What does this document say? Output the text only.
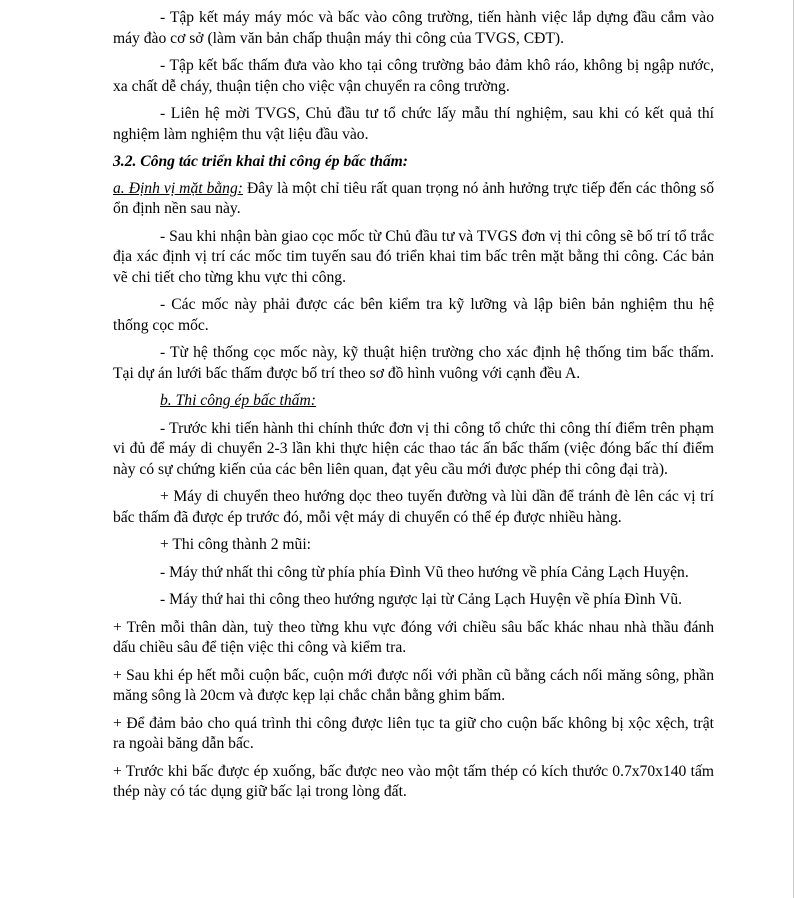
- Tập kết máy máy móc và bấc vào công trường, tiến hành việc lắp dựng đầu cắm vào máy đào cơ sở (làm văn bản chấp thuận máy thi công của TVGS, CĐT).

- Tập kết bấc thấm đưa vào kho tại công trường bảo đảm khô ráo, không bị ngập nước, xa chất dễ cháy, thuận tiện cho việc vận chuyển ra công trường.

- Liên hệ mời TVGS, Chủ đầu tư tổ chức lấy mẫu thí nghiệm, sau khi có kết quả thí nghiệm làm nghiệm thu vật liệu đầu vào.

3.2. Công tác triển khai thi công ép bấc thấm:

a. Định vị mặt bằng: Đây là một chỉ tiêu rất quan trọng nó ảnh hưởng trực tiếp đến các thông số ổn định nền sau này.

- Sau khi nhận bàn giao cọc mốc từ Chủ đầu tư và TVGS đơn vị thi công sẽ bố trí tổ trắc địa xác định vị trí các mốc tim tuyến sau đó triển khai tim bấc trên mặt bằng thi công. Các bản vẽ chi tiết cho từng khu vực thi công.

- Các mốc này phải được các bên kiểm tra kỹ lưỡng và lập biên bản nghiệm thu hệ thống cọc mốc.

- Từ hệ thống cọc mốc này, kỹ thuật hiện trường cho xác định hệ thống tim bấc thấm. Tại dự án lưới bấc thấm được bố trí theo sơ đồ hình vuông với cạnh đều A.

b. Thi công ép bấc thấm:

- Trước khi tiến hành thi chính thức đơn vị thi công tổ chức thi công thí điểm trên phạm vi đủ để máy di chuyển 2-3 lần khi thực hiện các thao tác ấn bấc thấm (việc đóng bấc thí điểm này có sự chứng kiến của các bên liên quan, đạt yêu cầu mới được phép thi công đại trà).

+ Máy di chuyển theo hướng dọc theo tuyến đường và lùi dần để tránh đè lên các vị trí bấc thấm đã được ép trước đó, mỗi vệt máy di chuyển có thể ép được nhiều hàng.

+ Thi công thành 2 mũi:

- Máy thứ nhất thi công từ phía phía Đình Vũ theo hướng về phía Cảng Lạch Huyện.

- Máy thứ hai thi công theo hướng ngược lại từ Cảng Lạch Huyện về phía Đình Vũ.

+ Trên mỗi thân dàn, tuỳ theo từng khu vực đóng với chiều sâu bấc khác nhau nhà thầu đánh dấu chiều sâu để tiện việc thi công và kiểm tra.

+ Sau khi ép hết mỗi cuộn bấc, cuộn mới được nối với phần cũ bằng cách nối măng sông, phần măng sông là 20cm và được kẹp lại chắc chắn bằng ghim bấm.

+ Để đảm bảo cho quá trình thi công được liên tục ta giữ cho cuộn bấc không bị xộc xệch, trật ra ngoài băng dẫn bấc.

+ Trước khi bấc được ép xuống, bấc được neo vào một tấm thép có kích thước 0.7x70x140 tấm thép này có tác dụng giữ bấc lại trong lòng đất.
